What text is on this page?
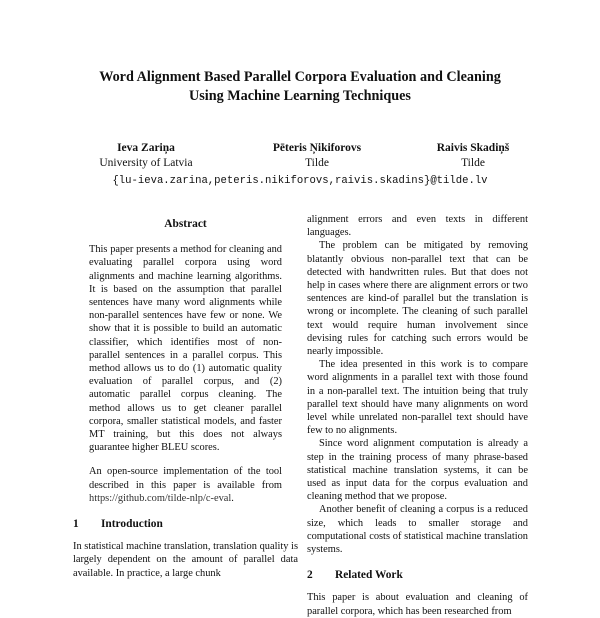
Word Alignment Based Parallel Corpora Evaluation and Cleaning
Using Machine Learning Techniques
Ieva Zariņa
University of Latvia
Pēteris Ņikiforovs
Tilde
Raivis Skadiņš
Tilde
{lu-ieva.zarina,peteris.nikiforovs,raivis.skadins}@tilde.lv
Abstract

This paper presents a method for cleaning and evaluating parallel corpora using word alignments and machine learning algorithms. It is based on the assumption that parallel sentences have many word alignments while non-parallel sentences have few or none. We show that it is possible to build an automatic classifier, which identifies most of non-parallel sentences in a parallel corpus. This method allows us to do (1) automatic quality evaluation of parallel corpus, and (2) automatic parallel corpus cleaning. The method allows us to get cleaner parallel corpora, smaller statistical models, and faster MT training, but this does not always guarantee higher BLEU scores.

An open-source implementation of the tool described in this paper is available from https://github.com/tilde-nlp/c-eval.

1 Introduction

In statistical machine translation, translation quality is largely dependent on the amount of parallel data available. In practice, a large chunk

alignment errors and even texts in different languages.

The problem can be mitigated by removing blatantly obvious non-parallel text that can be detected with handwritten rules. But that does not help in cases where there are alignment errors or two sentences are kind-of parallel but the translation is wrong or incomplete. The cleaning of such parallel text would require human involvement since devising rules for catching such errors would be nearly impossible.

The idea presented in this work is to compare word alignments in a parallel text with those found in a non-parallel text. The intuition being that truly parallel text should have many alignments on word level while unrelated non-parallel text should have few to no alignments.

Since word alignment computation is already a step in the training process of many phrase-based statistical machine translation systems, it can be used as input data for the corpus evaluation and cleaning method that we propose.

Another benefit of cleaning a corpus is a reduced size, which leads to smaller storage and computational costs of statistical machine translation systems.

2 Related Work

This paper is about evaluation and cleaning of parallel corpora, which has been researched from
